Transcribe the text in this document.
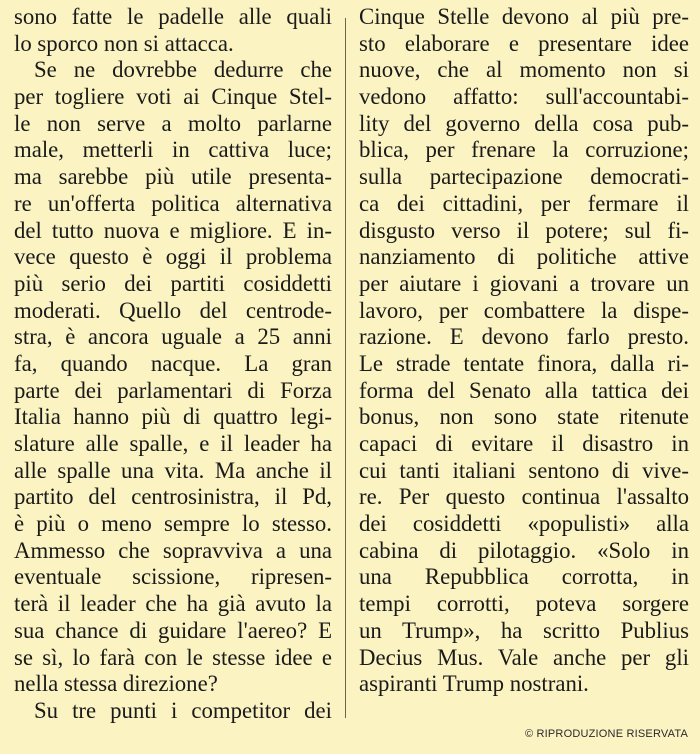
sono fatte le padelle alle quali
lo sporco non si attacca.
Se ne dovrebbe dedurre che
per togliere voti ai Cinque Stel-
le non serve a molto parlarne
male, metterli in cattiva luce;
ma sarebbe più utile presenta-
re un'offerta politica alternativa
del tutto nuova e migliore. E in-
vece questo è oggi il problema
più serio dei partiti cosiddetti
moderati. Quello del centrode-
stra, è ancora uguale a 25 anni
fa, quando nacque. La gran
parte dei parlamentari di Forza
Italia hanno più di quattro legi-
slature alle spalle, e il leader ha
alle spalle una vita. Ma anche il
partito del centrosinistra, il Pd,
è più o meno sempre lo stesso.
Ammesso che sopravviva a una
eventuale scissione, ripresen-
terà il leader che ha già avuto la
sua chance di guidare l'aereo? E
se sì, lo farà con le stesse idee e
nella stessa direzione?
Su tre punti i competitor dei
Cinque Stelle devono al più pre-
sto elaborare e presentare idee
nuove, che al momento non si
vedono affatto: sull'accountabi-
lity del governo della cosa pub-
blica, per frenare la corruzione;
sulla partecipazione democrati-
ca dei cittadini, per fermare il
disgusto verso il potere; sul fi-
nanziamento di politiche attive
per aiutare i giovani a trovare un
lavoro, per combattere la dispe-
razione. E devono farlo presto.
Le strade tentate finora, dalla ri-
forma del Senato alla tattica dei
bonus, non sono state ritenute
capaci di evitare il disastro in
cui tanti italiani sentono di vive-
re. Per questo continua l'assalto
dei cosiddetti «populisti» alla
cabina di pilotaggio. «Solo in
una Repubblica corrotta, in
tempi corrotti, poteva sorgere
un Trump», ha scritto Publius
Decius Mus. Vale anche per gli
aspiranti Trump nostrani.
© RIPRODUZIONE RISERVATA
